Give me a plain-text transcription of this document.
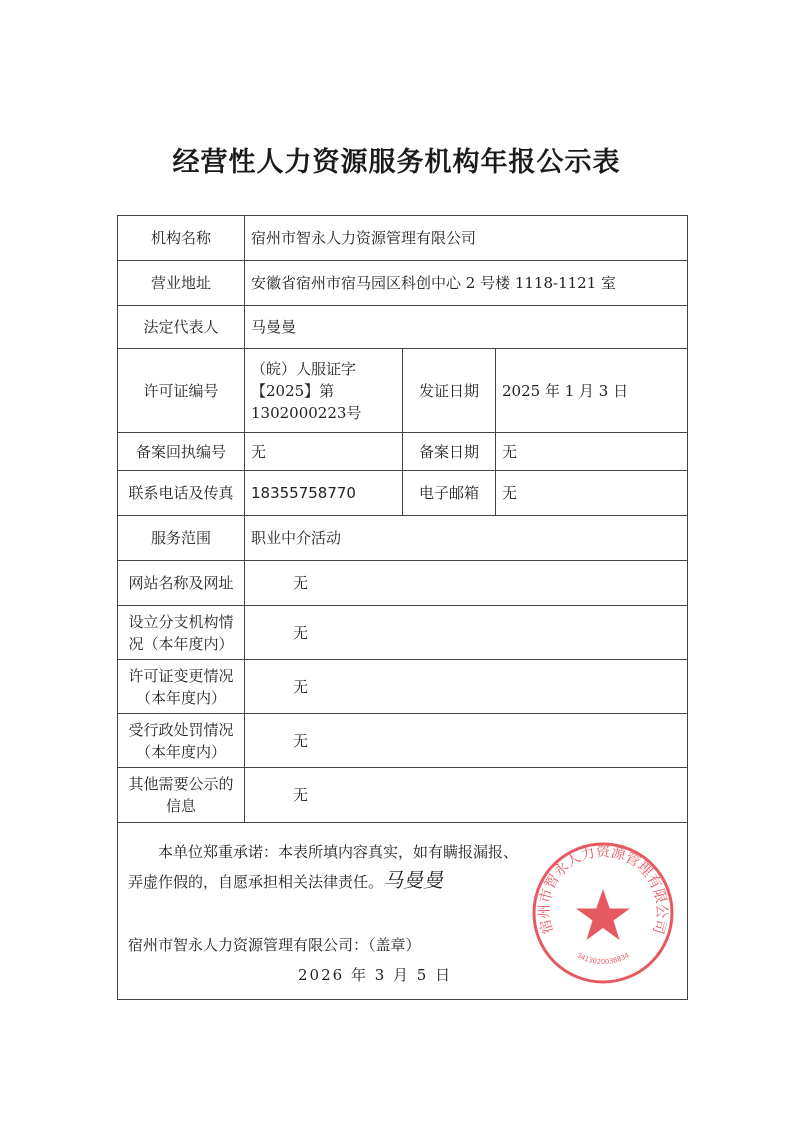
经营性人力资源服务机构年报公示表
机构名称	宿州市智永人力资源管理有限公司		
营业地址	安徽省宿州市宿马园区科创中心 2 号楼 1118-1121 室		
法定代表人	马曼曼		
许可证编号	（皖）人服证字【2025】第1302000223号	发证日期	2025 年 1 月 3 日
备案回执编号	无	备案日期	无
联系电话及传真	18355758770	电子邮箱	无
服务范围	职业中介活动		
网站名称及网址	无		
设立分支机构情况（本年度内）	无		
许可证变更情况（本年度内）	无		
受行政处罚情况（本年度内）	无		
其他需要公示的信息	无		
本单位郑重承诺：本表所填内容真实，如有瞒报漏报、弄虚作假的，自愿承担相关法律责任。马曼曼
宿州市智永人力资源管理有限公司：（盖章）
2026 年 3 月 5 日
宿州市智永人力资源管理有限公司
3413020038834
